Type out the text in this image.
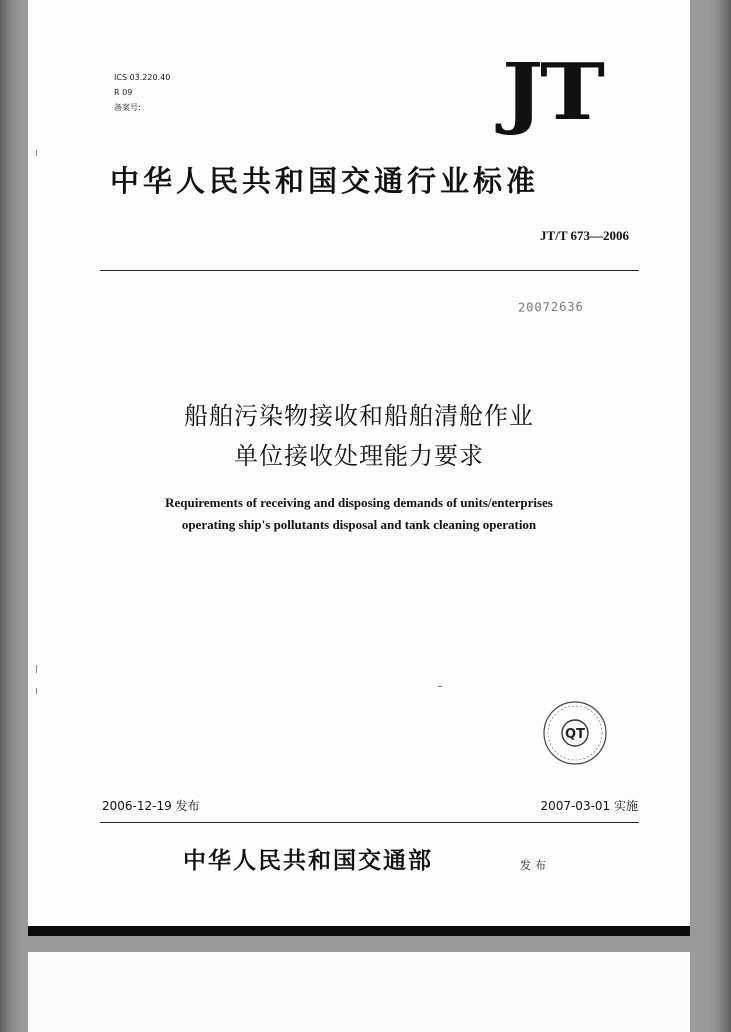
ICS 03.220.40
R 09
备案号:	JT
中华人民共和国交通行业标准
JT/T 673—2006
20072636
船舶污染物接收和船舶清舱作业
单位接收处理能力要求
Requirements of receiving and disposing demands of units/enterprises
operating ship's pollutants disposal and tank cleaning operation
QT
2006-12-19 发布	2007-03-01 实施
中华人民共和国交通部	发布
